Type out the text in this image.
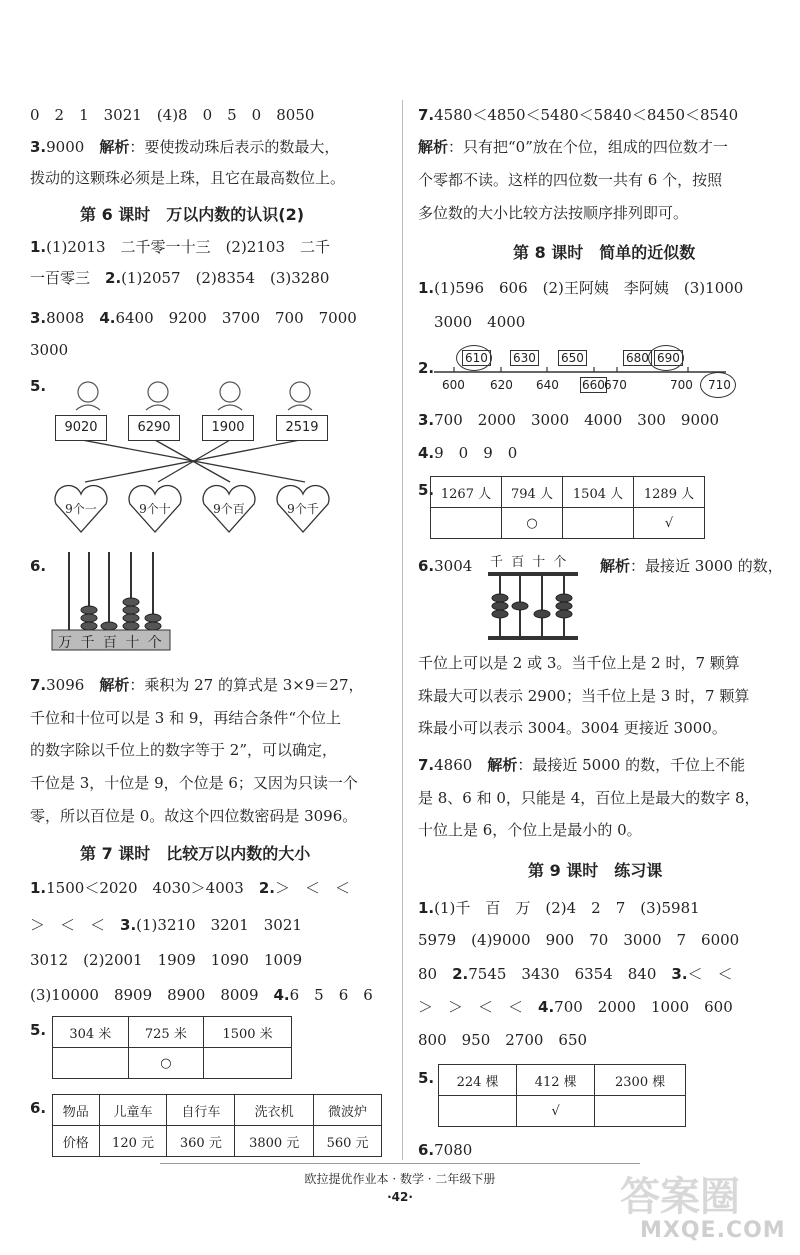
0　2　1　3021　(4)8　0　5　0　8050
3.9000　 解析：要使拨动珠后表示的数最大，
拨动的这颗珠必须是上珠，且它在最高数位上。
第 6 课时　万以内数的认识(2)
1.(1)2013　二千零一十三　(2)2103　二千
一百零三　2.(1)2057　(2)8354　(3)3280
3.8008　4.6400　9200　3700　700　7000
3000
5.
9020	6290	1900	2519
9个一	9个十	9个百	9个千
6.
万 千 百 十 个
7.3096　 解析：乘积为 27 的算式是 3×9＝27，
千位和十位可以是 3 和 9，再结合条件“个位上
的数字除以千位上的数字等于 2”，可以确定，
千位是 3，十位是 9，个位是 6；又因为只读一个
零，所以百位是 0。故这个四位数密码是 3096。
第 7 课时　比较万以内数的大小
1.1500＜2020　4030＞4003　2.＞　＜　＜
＞　＜　＜　3.(1)3210　3201　3021
3012　(2)2001　1909　1090　1009
(3)10000　8909　8900　8009　4.6　5　6　6
5. 304 米	725 米	1500 米
	○	
6. 物品	儿童车	自行车	洗衣机	微波炉
价格	120 元	360 元	3800 元	560 元
7.4580＜4850＜5480＜5840＜8450＜8540
解析：只有把“0”放在个位，组成的四位数才一
个零都不读。这样的四位数一共有 6 个，按照
多位数的大小比较方法按顺序排列即可。
第 8 课时　简单的近似数
1.(1)596　606　(2)王阿姨　李阿姨　(3)1000
3000　4000
2.
610 630 650	680 690
600 620 640 660 670	700 710
3.700　2000　3000　4000　300　9000
4.9　0　9　0
5. 1267 人	794 人	1504 人	1289 人
	○		√
6.3004 千 百 十 个 解析：最接近 3000 的数，
千位上可以是 2 或 3。当千位上是 2 时，7 颗算
珠最大可以表示 2900；当千位上是 3 时，7 颗算
珠最小可以表示 3004。3004 更接近 3000。
7.4860　 解析：最接近 5000 的数，千位上不能
是 8、6 和 0，只能是 4，百位上是最大的数字 8，
十位上是 6，个位上是最小的 0。
第 9 课时　练习课
1.(1)千　百　万　(2)4　2　7　(3)5981
5979　(4)9000　900　70　3000　7　6000
80　2.7545　3430　6354　840　3.＜　＜
＞　＞　＜　＜　4.700　2000　1000　600
800　950　2700　650
5. 224 棵	412 棵	2300 棵
	√	
6.7080
欧拉提优作业本 · 数学 · 二年级下册
·42·	答案圈
MXQE.COM
